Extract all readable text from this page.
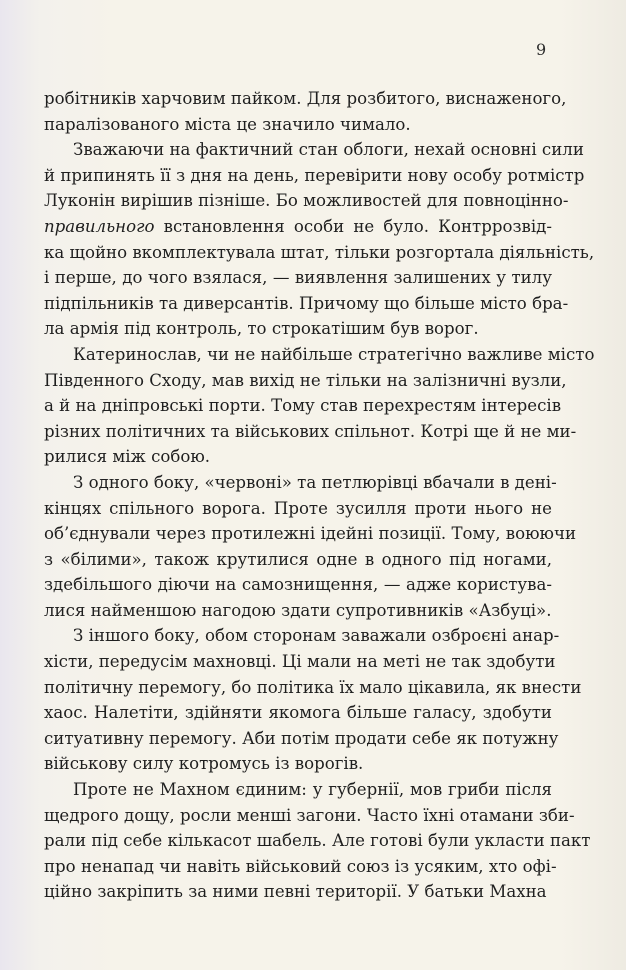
9
робітників харчовим пайком. Для розбитого, виснаженого,
паралізованого міста це значило чимало.
Зважаючи на фактичний стан облоги, нехай основні сили
й припинять її з дня на день, перевірити нову особу ротмістр
Луконін вирішив пізніше. Бо можливостей для повноцінно-
правильного встановлення особи не було. Контррозвід-
ка щойно вкомплектувала штат, тільки розгортала діяльність,
і перше, до чого взялася, — виявлення залишених у тилу
підпільників та диверсантів. Причому що більше місто бра-
ла армія під контроль, то строкатішим був ворог.
Катеринослав, чи не найбільше стратегічно важливе місто
Південного Сходу, мав вихід не тільки на залізничні вузли,
а й на дніпровські порти. Тому став перехрестям інтересів
різних політичних та військових спільнот. Котрі ще й не ми-
рилися між собою.
З одного боку, «червоні» та петлюрівці вбачали в дені-
кінцях спільного ворога. Проте зусилля проти нього не
об’єднували через протилежні ідейні позиції. Тому, воюючи
з «білими», також крутилися одне в одного під ногами,
здебільшого діючи на самознищення, — адже користува-
лися найменшою нагодою здати супротивників «Азбуці».
З іншого боку, обом сторонам заважали озброєні анар-
хісти, передусім махновці. Ці мали на меті не так здобути
політичну перемогу, бо політика їх мало цікавила, як внести
хаос. Налетіти, здійняти якомога більше галасу, здобути
ситуативну перемогу. Аби потім продати себе як потужну
військову силу котромусь із ворогів.
Проте не Махном єдиним: у губернії, мов гриби після
щедрого дощу, росли менші загони. Часто їхні отамани зби-
рали під себе кількасот шабель. Але готові були укласти пакт
про ненапад чи навіть військовий союз із усяким, хто офі-
ційно закріпить за ними певні території. У батьки Махна
